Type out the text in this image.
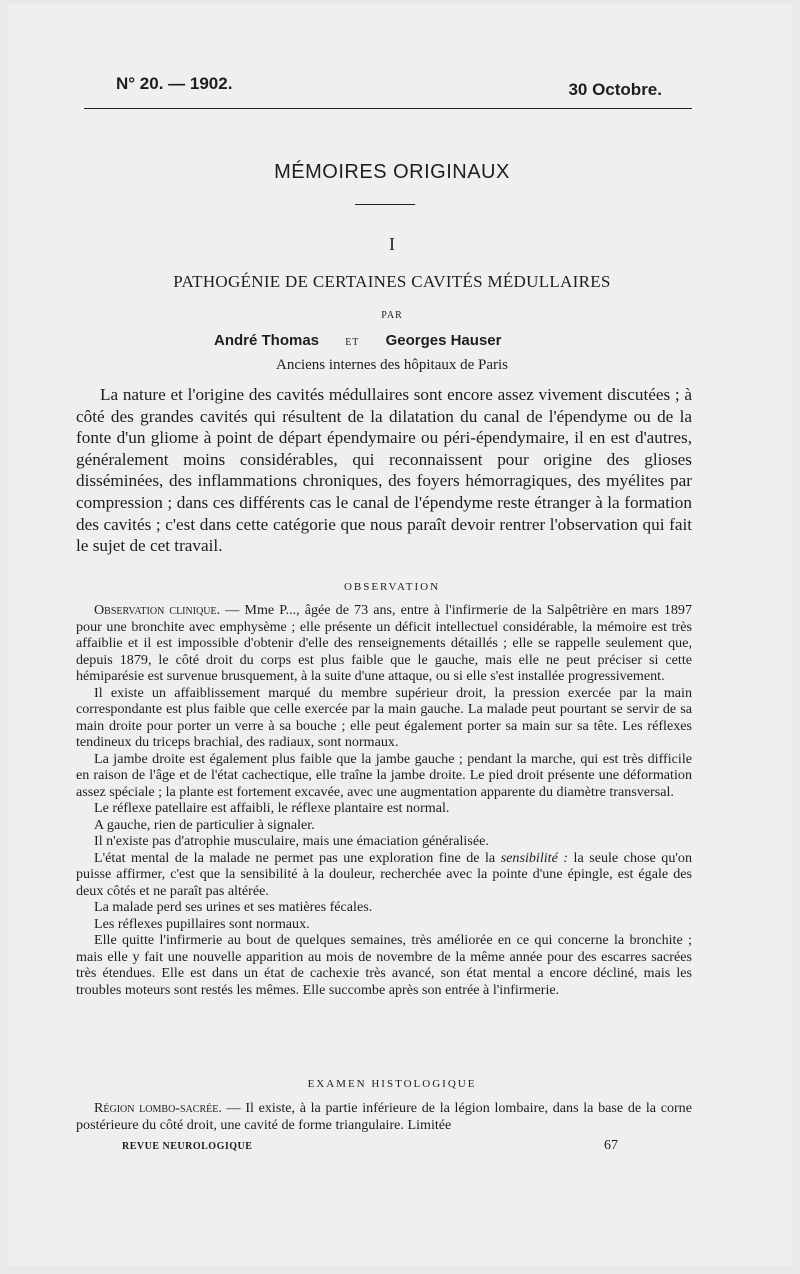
N° 20. — 1902.	30 Octobre.
MÉMOIRES ORIGINAUX
I
PATHOGÉNIE DE CERTAINES CAVITÉS MÉDULLAIRES
PAR
André Thomas	ET Georges Hauser
Anciens internes des hôpitaux de Paris
La nature et l'origine des cavités médullaires sont encore assez vivement discutées ; à côté des grandes cavités qui résultent de la dilatation du canal de l'épendyme ou de la fonte d'un gliome à point de départ épendymaire ou péri-épendymaire, il en est d'autres, généralement moins considérables, qui reconnaissent pour origine des glioses disséminées, des inflammations chroniques, des foyers hémorragiques, des myélites par compression ; dans ces différents cas le canal de l'épendyme reste étranger à la formation des cavités ; c'est dans cette catégorie que nous paraît devoir rentrer l'observation qui fait le sujet de cet travail.
OBSERVATION

Observation clinique. — Mme P..., âgée de 73 ans, entre à l'infirmerie de la Salpêtrière en mars 1897 pour une bronchite avec emphysème ; elle présente un déficit intellectuel considérable, la mémoire est très affaiblie et il est impossible d'obtenir d'elle des renseignements détaillés ; elle se rappelle seulement que, depuis 1879, le côté droit du corps est plus faible que le gauche, mais elle ne peut préciser si cette hémiparésie est survenue brusquement, à la suite d'une attaque, ou si elle s'est installée progressivement.

Il existe un affaiblissement marqué du membre supérieur droit, la pression exercée par la main correspondante est plus faible que celle exercée par la main gauche. La malade peut pourtant se servir de sa main droite pour porter un verre à sa bouche ; elle peut également porter sa main sur sa tête. Les réflexes tendineux du triceps brachial, des radiaux, sont normaux.

La jambe droite est également plus faible que la jambe gauche ; pendant la marche, qui est très difficile en raison de l'âge et de l'état cachectique, elle traîne la jambe droite. Le pied droit présente une déformation assez spéciale ; la plante est fortement excavée, avec une augmentation apparente du diamètre transversal.

Le réflexe patellaire est affaibli, le réflexe plantaire est normal.

A gauche, rien de particulier à signaler.

Il n'existe pas d'atrophie musculaire, mais une émaciation généralisée.

L'état mental de la malade ne permet pas une exploration fine de la sensibilité : la seule chose qu'on puisse affirmer, c'est que la sensibilité à la douleur, recherchée avec la pointe d'une épingle, est égale des deux côtés et ne paraît pas altérée.

La malade perd ses urines et ses matières fécales.

Les réflexes pupillaires sont normaux.

Elle quitte l'infirmerie au bout de quelques semaines, très améliorée en ce qui concerne la bronchite ; mais elle y fait une nouvelle apparition au mois de novembre de la même année pour des escarres sacrées très étendues. Elle est dans un état de cachexie très avancé, son état mental a encore décliné, mais les troubles moteurs sont restés les mêmes. Elle succombe après son entrée à l'infirmerie.

EXAMEN HISTOLOGIQUE
Région lombo-sacrée. — Il existe, à la partie inférieure de la légion lombaire, dans la base de la corne postérieure du côté droit, une cavité de forme triangulaire. Limitée
REVUE NEUROLOGIQUE	67
